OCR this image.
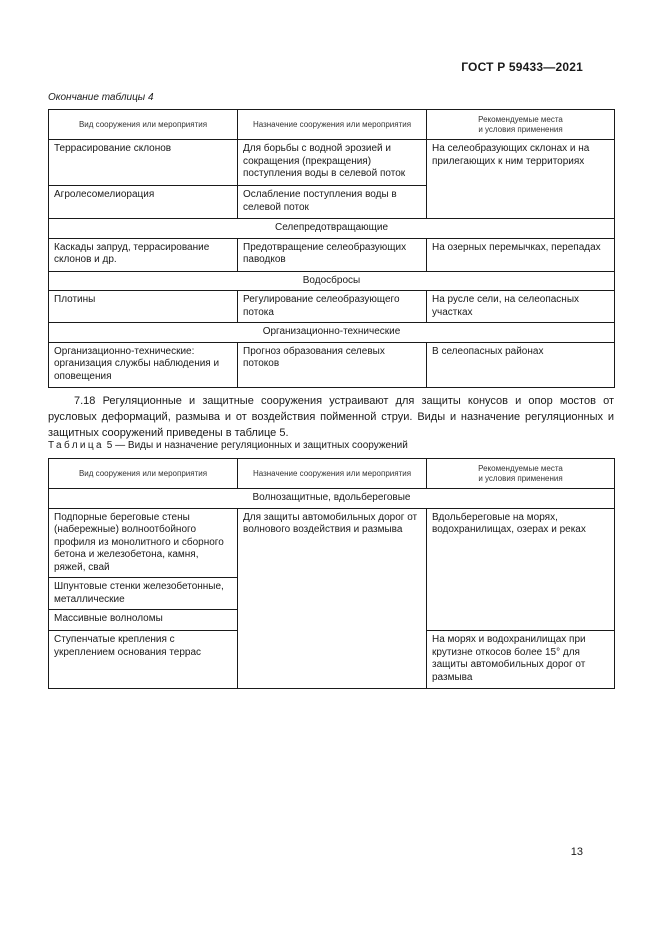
ГОСТ Р 59433—2021
Окончание таблицы 4
Вид сооружения или мероприятия	Назначение сооружения или мероприятия	Рекомендуемые места
и условия применения
Террасирование склонов	Для борьбы с водной эрозией и сокращения (прекращения) поступления воды в селевой поток	На селеобразующих склонах и на прилегающих к ним территориях
Агролесомелиорация	Ослабление поступления воды в селевой поток	
Селепредотвращающие		
Каскады запруд, террасирование склонов и др.	Предотвращение селеобразующих паводков	На озерных перемычках, перепадах
Водосбросы		
Плотины	Регулирование селеобразующего потока	На русле сели, на селеопасных участках
Организационно-технические		
Организационно-технические: организация службы наблюдения и оповещения	Прогноз образования селевых потоков	В селеопасных районах
7.18 Регуляционные и защитные сооружения устраивают для защиты конусов и опор мостов от русловых деформаций, размыва и от воздействия пойменной струи. Виды и назначение регуляционных и защитных сооружений приведены в таблице 5.
Таблица 5 — Виды и назначение регуляционных и защитных сооружений
Вид сооружения или мероприятия	Назначение сооружения или мероприятия	Рекомендуемые места
и условия применения
Волнозащитные, вдольбереговые		
Подпорные береговые стены (набережные) волноотбойного профиля из монолитного и сборного бетона и железобетона, камня, ряжей, свай	Для защиты автомобильных дорог от волнового воздействия и размыва	Вдольбереговые на морях, водохранилищах, озерах и реках
Шпунтовые стенки железобетонные, металлические		
Массивные волноломы		
Ступенчатые крепления с укреплением основания террас		На морях и водохранилищах при крутизне откосов более 15° для защиты автомобильных дорог от размыва
13
